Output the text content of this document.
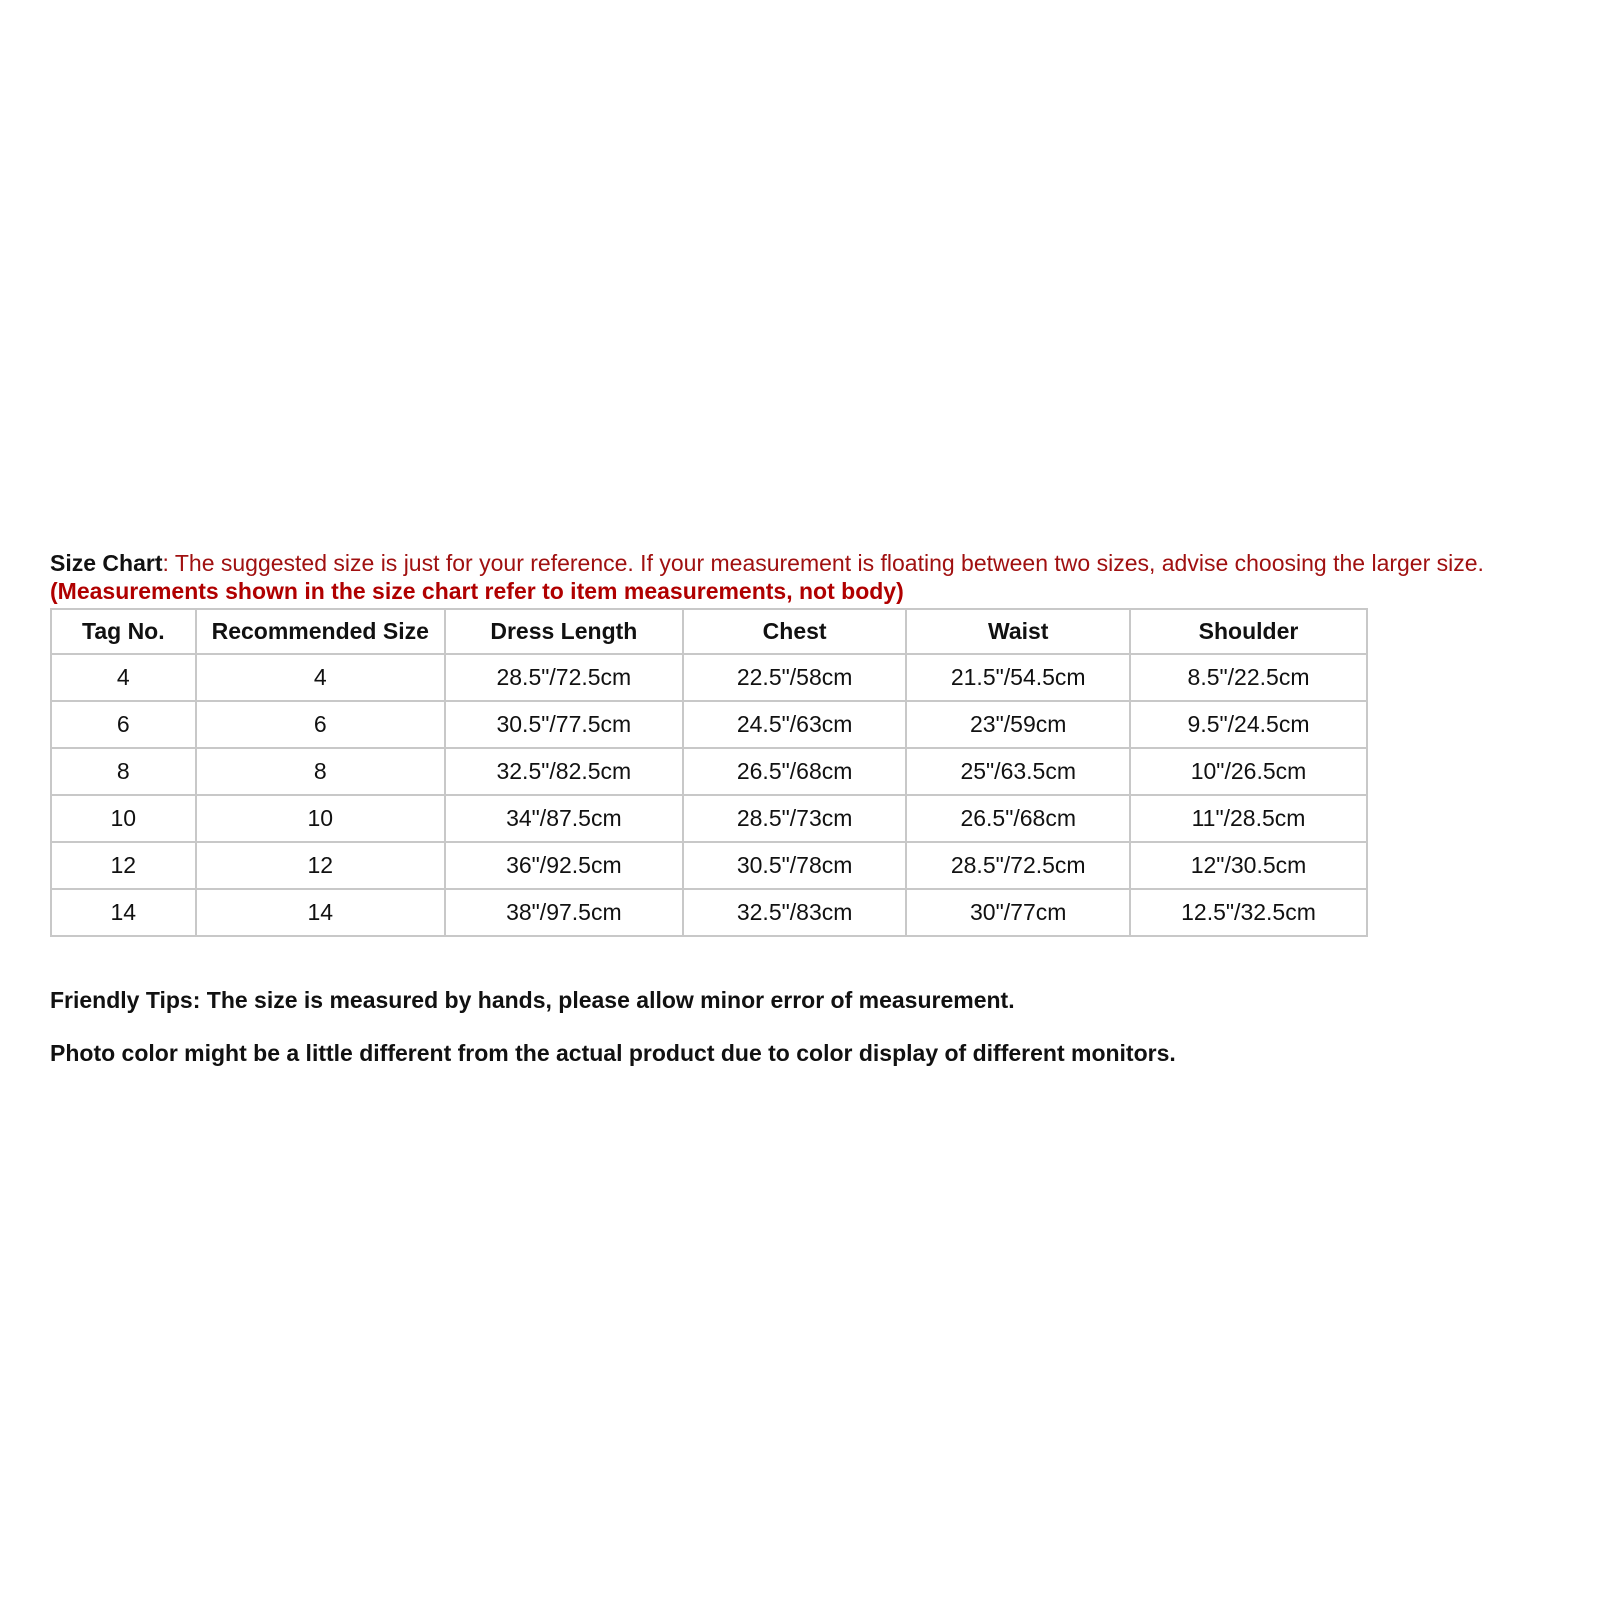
Size Chart: The suggested size is just for your reference. If your measurement is floating between two sizes, advise choosing the larger size. (Measurements shown in the size chart refer to item measurements, not body)

Tag No.	Recommended Size	Dress Length	Chest	Waist	Shoulder
4	4	28.5"/72.5cm	22.5"/58cm	21.5"/54.5cm	8.5"/22.5cm
6	6	30.5"/77.5cm	24.5"/63cm	23"/59cm	9.5"/24.5cm
8	8	32.5"/82.5cm	26.5"/68cm	25"/63.5cm	10"/26.5cm
10	10	34"/87.5cm	28.5"/73cm	26.5"/68cm	11"/28.5cm
12	12	36"/92.5cm	30.5"/78cm	28.5"/72.5cm	12"/30.5cm
14	14	38"/97.5cm	32.5"/83cm	30"/77cm	12.5"/32.5cm

Friendly Tips: The size is measured by hands, please allow minor error of measurement.

Photo color might be a little different from the actual product due to color display of different monitors.
